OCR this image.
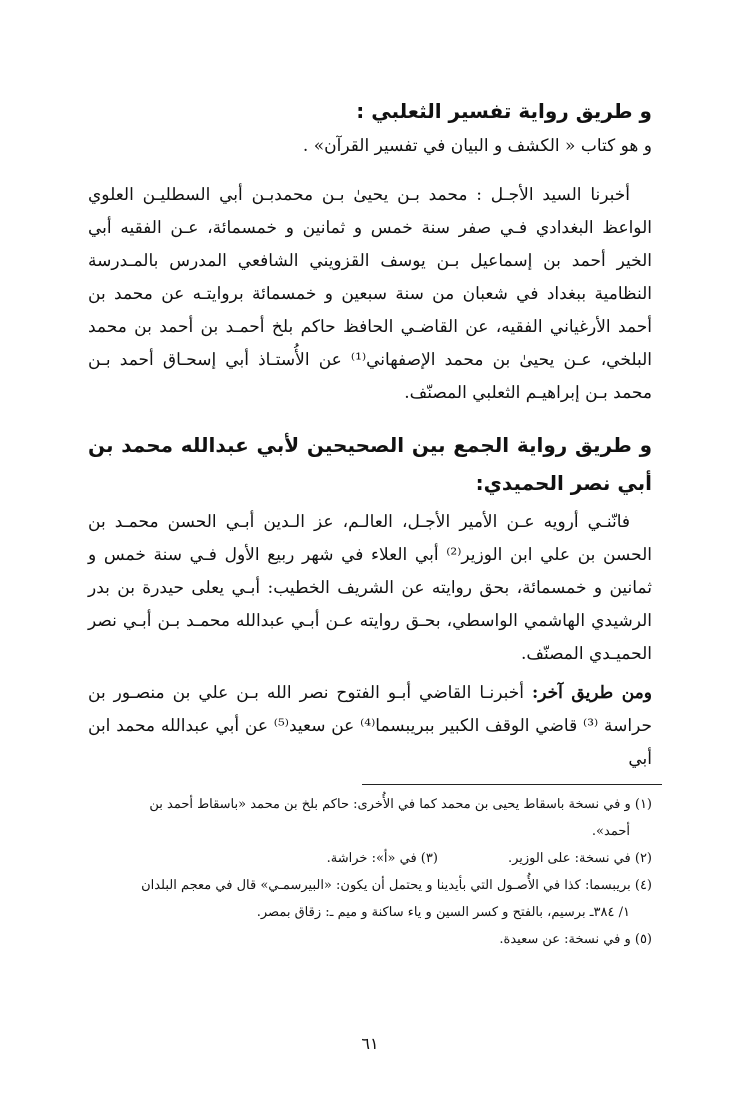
و طريق رواية تفسير الثعلبي :

و هو كتاب « الكشف و البيان في تفسير القرآن» .

أخبرنا السيد الأجـل : محمد بـن يحيىٰ بـن محمدبـن أبي السطليـن العلوي الواعظ البغدادي فـي صفر سنة خمس و ثمانين و خمسمائة، عـن الفقيه أبي الخير أحمد بن إسماعيل بـن يوسف القزويني الشافعي المدرس بالمـدرسة النظامية ببغداد في شعبان من سنة سبعين و خمسمائة بروايتـه عن محمد بن أحمد الأرغياني الفقيه، عن القاضـي الحافظ حاكم بلخ أحمـد بن أحمد بن محمد البلخي، عـن يحيىٰ بن محمد الإصفهاني⁽¹⁾ عن الأُستـاذ أبي إسحـاق أحمد بـن محمد بـن إبراهيـم الثعلبي المصنّف.

و طريق رواية الجمع بين الصحيحين لأبي عبدالله محمد بن أبي نصر الحميدي:

فانّنـي أرويه عـن الأمير الأجـل، العالـم، عز الـدين أبـي الحسن محمـد بن الحسن بن علي ابن الوزير⁽²⁾ أبي العلاء في شهر ربيع الأول فـي سنة خمس و ثمانين و خمسمائة، بحق روايته عن الشريف الخطيب: أبـي يعلى حيدرة بن بدر الرشيدي الهاشمي الواسطي، بحـق روايته عـن أبـي عبدالله محمـد بـن أبـي نصر الحميـدي المصنّف.

ومن طريق آخر: أخبرنـا القاضي أبـو الفتوح نصر الله بـن علي بن منصـور بن حراسة ⁽³⁾ قاضي الوقف الكبير ببريبسما⁽⁴⁾ عن سعيد⁽⁵⁾ عن أبي عبدالله محمد ابن أبي

(١) و في نسخة باسقاط يحيى بن محمد كما في الأُخرى: حاكم بلخ بن محمد «باسقاط أحمد بن

أحمد».

(٢) في نسخة: على الوزير.
(٣) في «أ»: خراشة.

(٤) بريبسما: كذا في الأُصـول التي بأيدينا و يحتمل أن يكون: «البيرسمـي» قال في معجم البلدان

١/ ٣٨٤ـ برسيم، بالفتح و كسر السين و ياء ساكنة و ميم ـ: زقاق بمصر.

(٥) و في نسخة: عن سعيدة.

٦١
